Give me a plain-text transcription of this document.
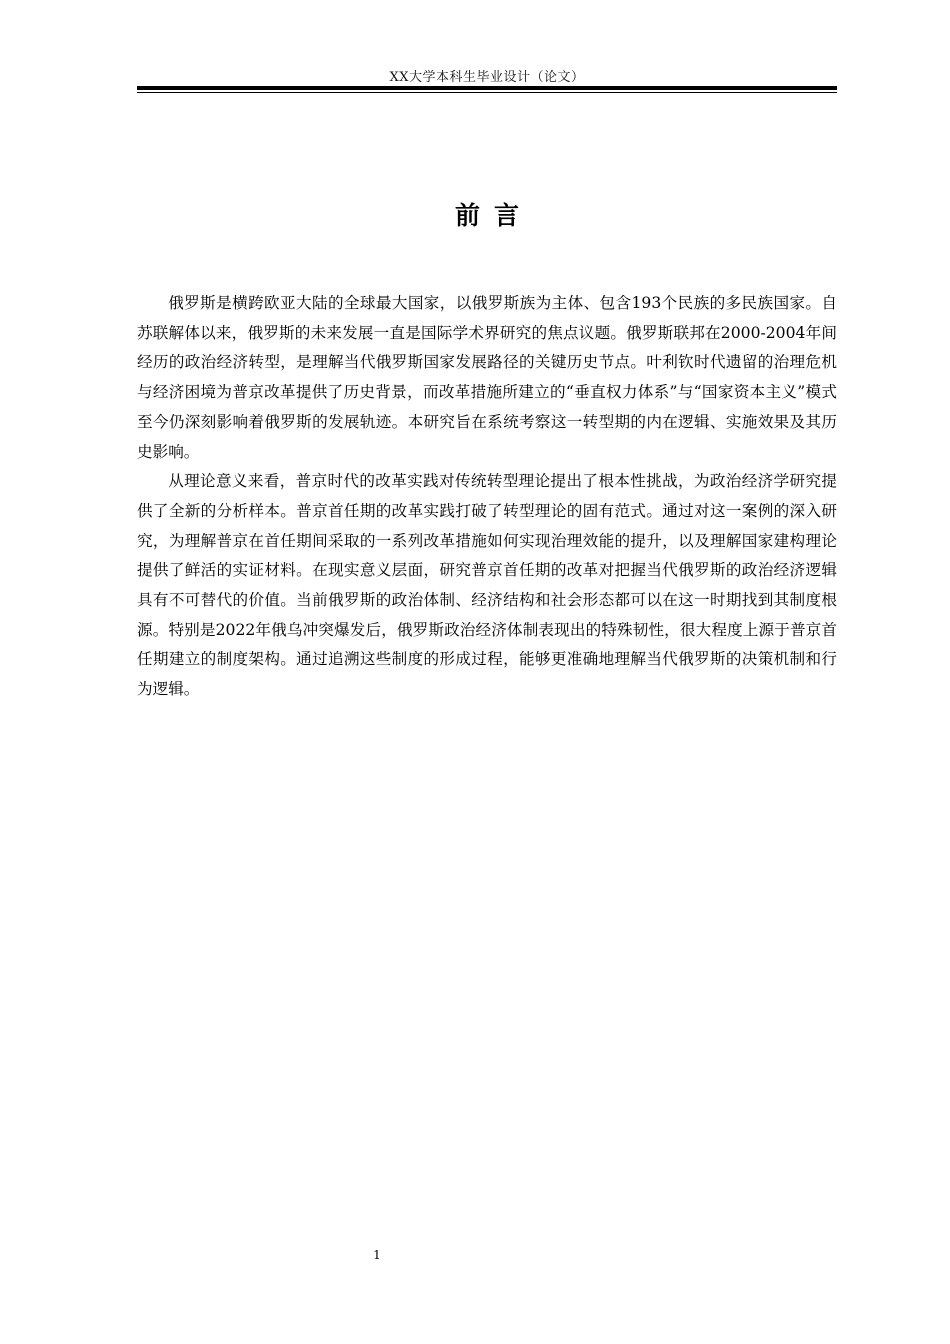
XX大学本科生毕业设计（论文）
前言

俄罗斯是横跨欧亚大陆的全球最大国家，以俄罗斯族为主体、包含193个民族的多民族国家。自苏联解体以来，俄罗斯的未来发展一直是国际学术界研究的焦点议题。俄罗斯联邦在2000-2004年间经历的政治经济转型，是理解当代俄罗斯国家发展路径的关键历史节点。叶利钦时代遗留的治理危机与经济困境为普京改革提供了历史背景，而改革措施所建立的“垂直权力体系”与“国家资本主义”模式至今仍深刻影响着俄罗斯的发展轨迹。本研究旨在系统考察这一转型期的内在逻辑、实施效果及其历史影响。

从理论意义来看，普京时代的改革实践对传统转型理论提出了根本性挑战，为政治经济学研究提供了全新的分析样本。普京首任期的改革实践打破了转型理论的固有范式。通过对这一案例的深入研究，为理解普京在首任期间采取的一系列改革措施如何实现治理效能的提升，以及理解国家建构理论提供了鲜活的实证材料。在现实意义层面，研究普京首任期的改革对把握当代俄罗斯的政治经济逻辑具有不可替代的价值。当前俄罗斯的政治体制、经济结构和社会形态都可以在这一时期找到其制度根源。特别是2022年俄乌冲突爆发后，俄罗斯政治经济体制表现出的特殊韧性，很大程度上源于普京首任期建立的制度架构。通过追溯这些制度的形成过程，能够更准确地理解当代俄罗斯的决策机制和行为逻辑。

1
